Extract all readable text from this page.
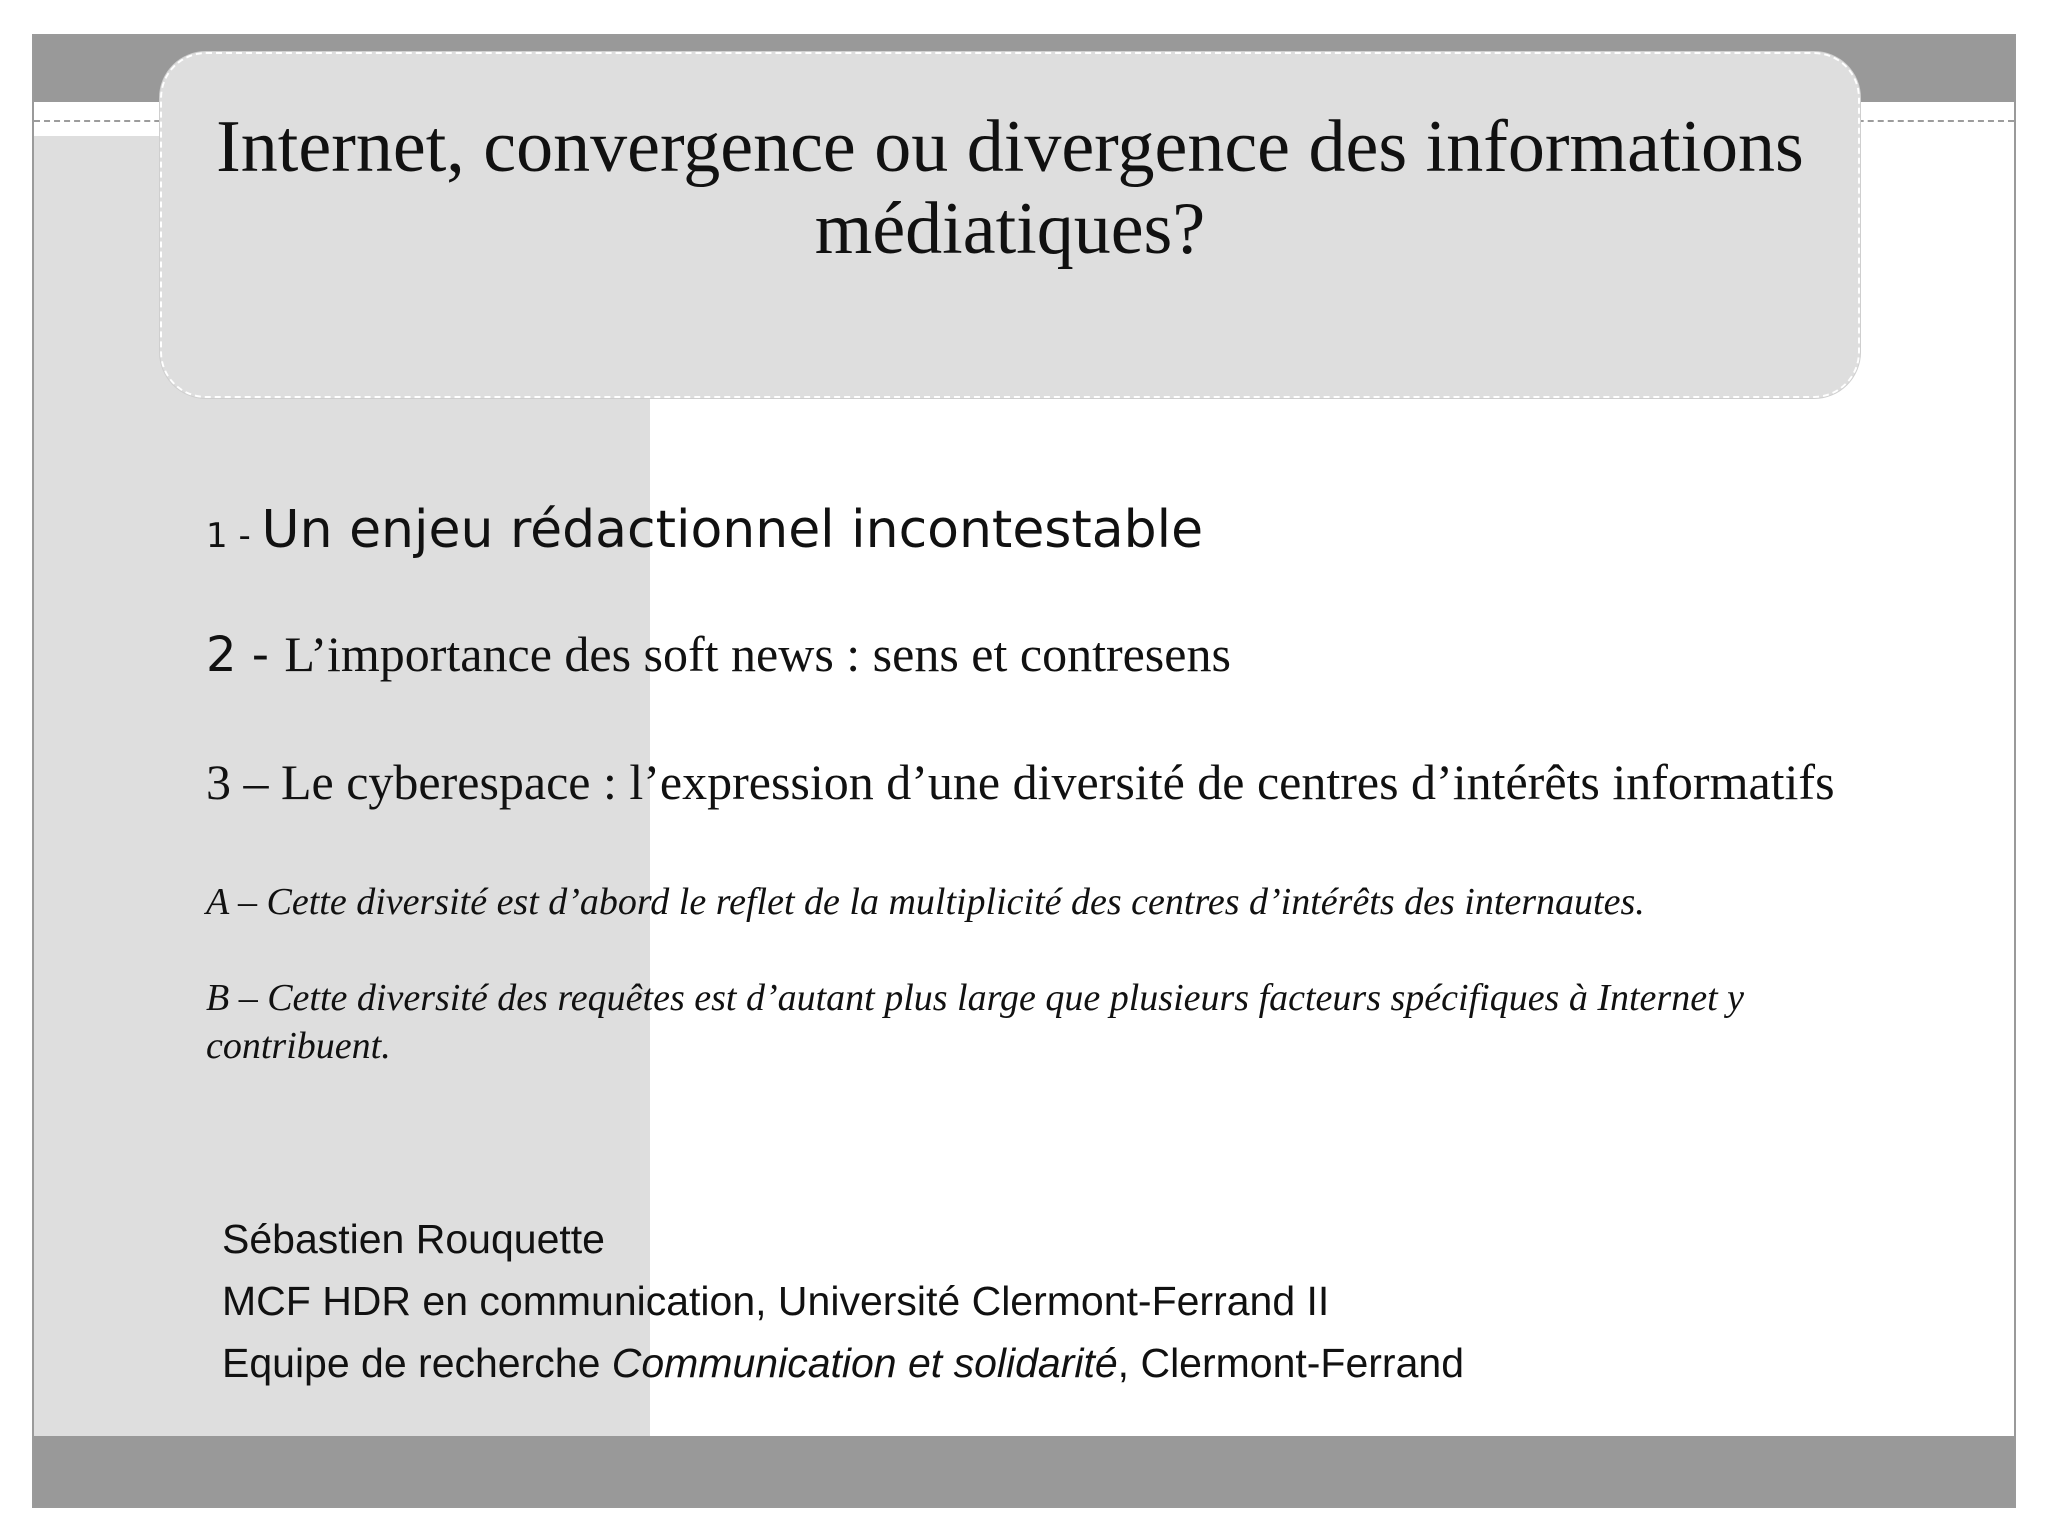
Internet, convergence ou divergence des informations médiatiques?

1 - Un enjeu rédactionnel incontestable

2 - L’importance des soft news : sens et contresens

3 – Le cyberespace : l’expression d’une diversité de centres d’intérêts informatifs

A – Cette diversité est d’abord le reflet de la multiplicité des centres d’intérêts des internautes.

B – Cette diversité des requêtes est d’autant plus large que plusieurs facteurs spécifiques à Internet y contribuent.

Sébastien Rouquette
MCF HDR en communication, Université Clermont-Ferrand II
Equipe de recherche Communication et solidarité, Clermont-Ferrand
